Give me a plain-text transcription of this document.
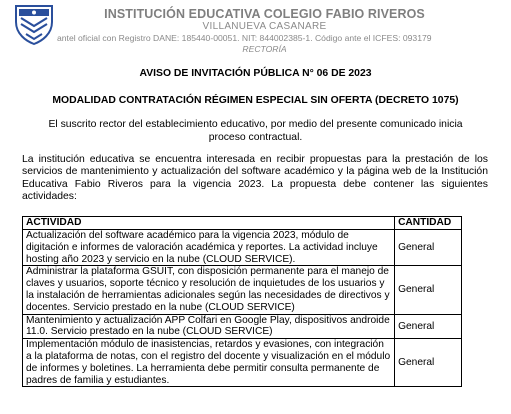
INSTITUCIÓN EDUCATIVA COLEGIO FABIO RIVEROS
VILLANUEVA CASANARE
antel oficial con Registro DANE: 185440-00051. NIT: 844002385-1. Código ante el ICFES: 093179
RECTORÍA
AVISO DE INVITACIÓN PÚBLICA N° 06 DE 2023
MODALIDAD CONTRATACIÓN RÉGIMEN ESPECIAL SIN OFERTA (DECRETO 1075)
El suscrito rector del establecimiento educativo, por medio del presente comunicado inicia proceso contractual.
La institución educativa se encuentra interesada en recibir propuestas para la prestación de los servicios de mantenimiento y actualización del software académico y la página web de la Institución Educativa Fabio Riveros para la vigencia 2023. La propuesta debe contener las siguientes actividades:
ACTIVIDAD	CANTIDAD
Actualización del software académico para la vigencia 2023, módulo de digitación e informes de valoración académica y reportes. La actividad incluye hosting año 2023 y servicio en la nube (CLOUD SERVICE).	General
Administrar la plataforma GSUIT, con disposición permanente para el manejo de claves y usuarios, soporte técnico y resolución de inquietudes de los usuarios y la instalación de herramientas adicionales según las necesidades de directivos y docentes. Servicio prestado en la nube (CLOUD SERVICE)	General
Mantenimiento y actualización APP Colfari en Google Play, dispositivos androide 11.0. Servicio prestado en la nube (CLOUD SERVICE)	General
Implementación módulo de inasistencias, retardos y evasiones, con integración a la plataforma de notas, con el registro del docente y visualización en el módulo de informes y boletines. La herramienta debe permitir consulta permanente de padres de familia y estudiantes.	General
